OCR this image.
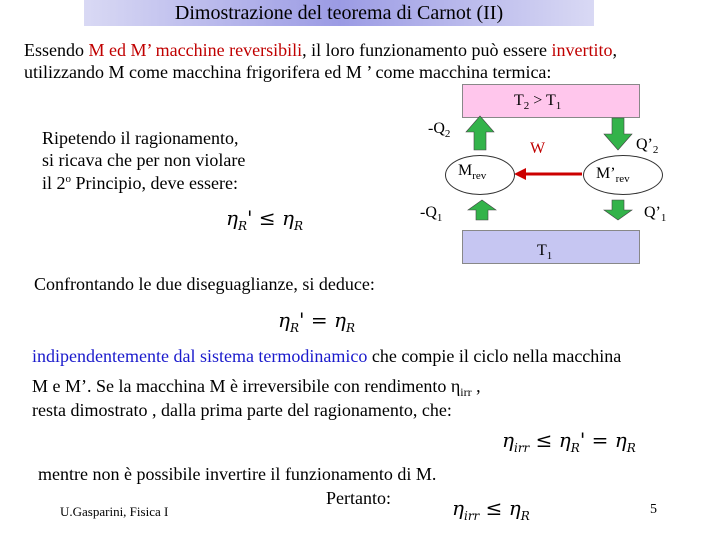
Dimostrazione del teorema di Carnot (II)
Essendo M ed M’ macchine reversibili, il loro funzionamento può essere invertito,
utilizzando M come macchina frigorifera ed M ’ come macchina termica:
Ripetendo il ragionamento,
si ricava che per non violare
il 2$^o$ Principio, deve essere:
$\eta_R' \le \eta_R$
$T_2 > T_1$
$T_1$
$M_{rev}$	$M’_{rev}$
$-Q_2$
$-Q_1$
$Q’_2$
$Q’_1$
W
Confrontando le due diseguaglianze, si deduce:
$\eta_R' = \eta_R$
indipendentemente dal sistema termodinamico che compie il ciclo nella macchina
M e M’. Se la macchina M è irreversibile con rendimento $\eta_{irr}$ ,
resta dimostrato , dalla prima parte del ragionamento, che:
$\eta_{irr} \le \eta_R' = \eta_R$
mentre non è possibile invertire il funzionamento di M.
Pertanto:	$\eta_{irr} \le \eta_R$
U.Gasparini, Fisica I	5
